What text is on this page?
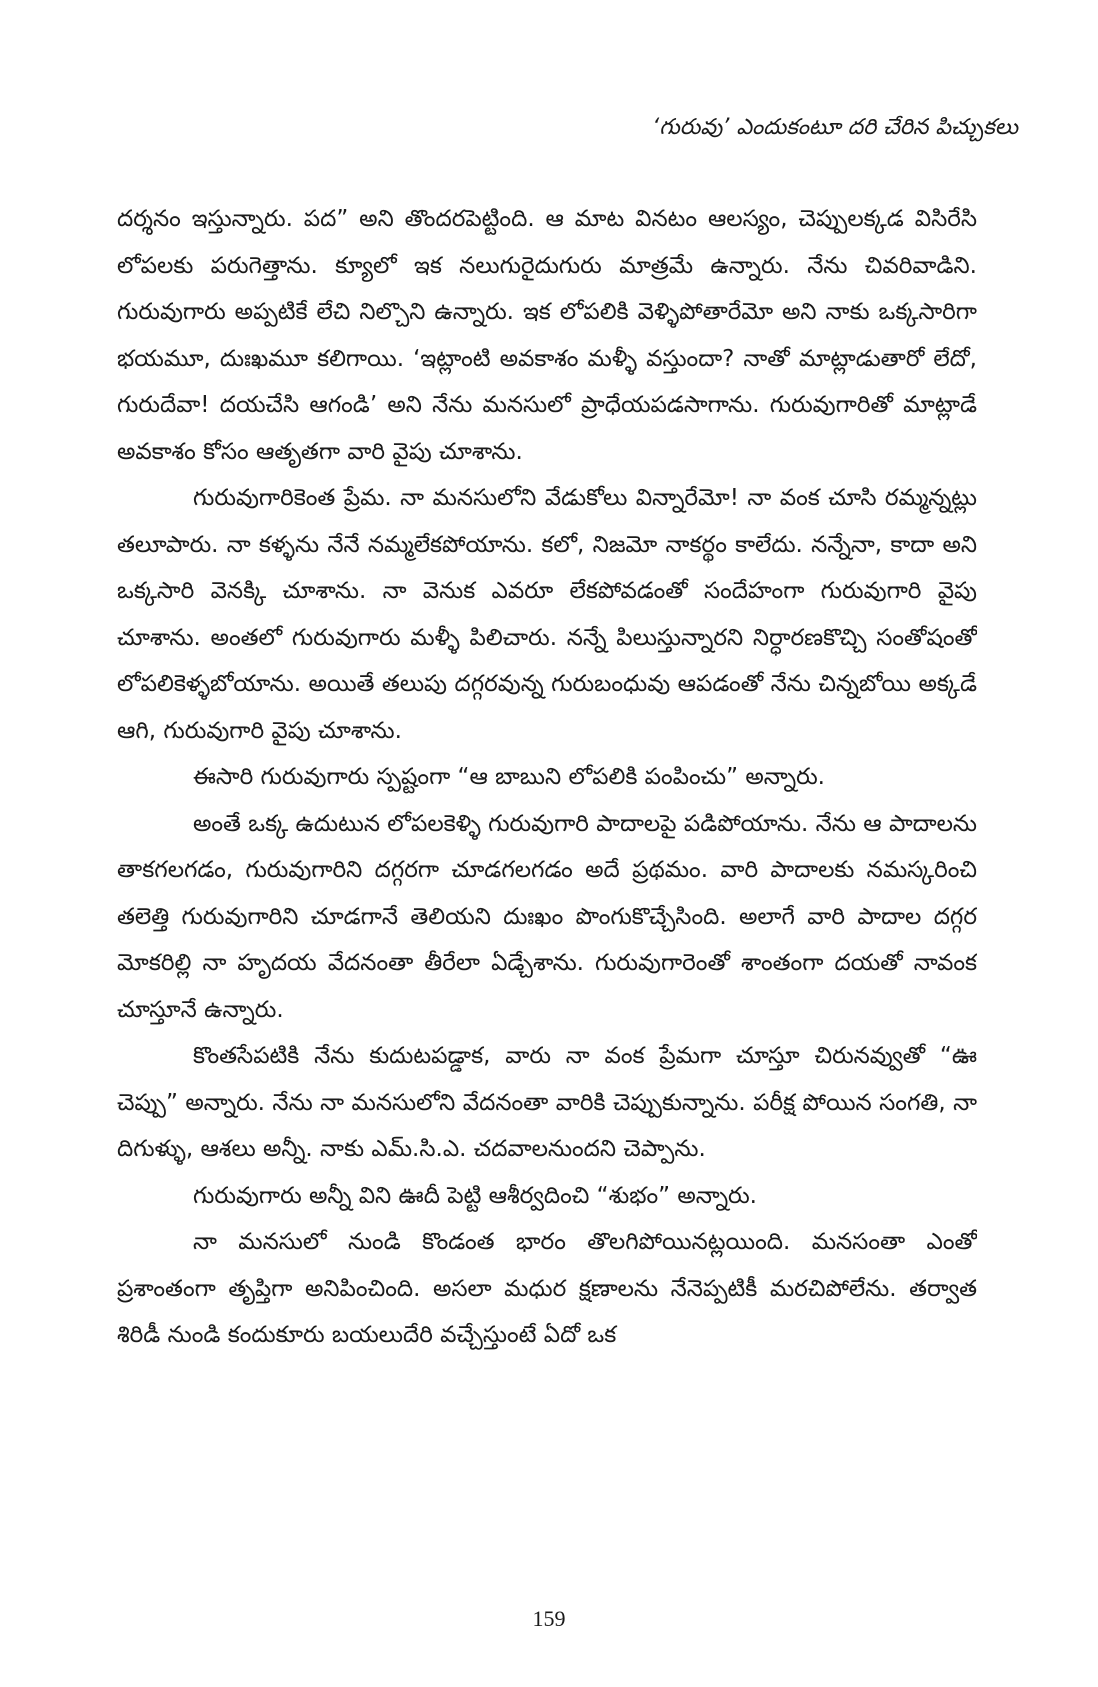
‘గురువు’ ఎందుకంటూ దరి చేరిన పిచ్చుకలు

దర్శనం ఇస్తున్నారు. పద” అని తొందరపెట్టింది. ఆ మాట వినటం ఆలస్యం, చెప్పులక్కడ విసిరేసి లోపలకు పరుగెత్తాను. క్యూలో ఇక నలుగురైదుగురు మాత్రమే ఉన్నారు. నేను చివరివాడిని. గురువుగారు అప్పటికే లేచి నిల్చొని ఉన్నారు. ఇక లోపలికి వెళ్ళిపోతారేమో అని నాకు ఒక్కసారిగా భయమూ, దుఃఖమూ కలిగాయి. ‘ఇట్లాంటి అవకాశం మళ్ళీ వస్తుందా? నాతో మాట్లాడుతారో లేదో, గురుదేవా! దయచేసి ఆగండి’ అని నేను మనసులో ప్రాధేయపడసాగాను. గురువుగారితో మాట్లాడే అవకాశం కోసం ఆతృతగా వారి వైపు చూశాను.

గురువుగారికెంత ప్రేమ. నా మనసులోని వేడుకోలు విన్నారేమో! నా వంక చూసి రమ్మన్నట్లు తలూపారు. నా కళ్ళను నేనే నమ్మలేకపోయాను. కలో, నిజమో నాకర్థం కాలేదు. నన్నేనా, కాదా అని ఒక్కసారి వెనక్కి చూశాను. నా వెనుక ఎవరూ లేకపోవడంతో సందేహంగా గురువుగారి వైపు చూశాను. అంతలో గురువుగారు మళ్ళీ పిలిచారు. నన్నే పిలుస్తున్నారని నిర్ధారణకొచ్చి సంతోషంతో లోపలికెళ్ళబోయాను. అయితే తలుపు దగ్గరవున్న గురుబంధువు ఆపడంతో నేను చిన్నబోయి అక్కడే ఆగి, గురువుగారి వైపు చూశాను.

ఈసారి గురువుగారు స్పష్టంగా “ఆ బాబుని లోపలికి పంపించు” అన్నారు.

అంతే ఒక్క ఉదుటున లోపలకెళ్ళి గురువుగారి పాదాలపై పడిపోయాను. నేను ఆ పాదాలను తాకగలగడం, గురువుగారిని దగ్గరగా చూడగలగడం అదే ప్రథమం. వారి పాదాలకు నమస్కరించి తలెత్తి గురువుగారిని చూడగానే తెలియని దుఃఖం పొంగుకొచ్చేసింది. అలాగే వారి పాదాల దగ్గర మోకరిల్లి నా హృదయ వేదనంతా తీరేలా ఏడ్చేశాను. గురువుగారెంతో శాంతంగా దయతో నావంక చూస్తూనే ఉన్నారు.

కొంతసేపటికి నేను కుదుటపడ్డాక, వారు నా వంక ప్రేమగా చూస్తూ చిరునవ్వుతో “ఊ చెప్పు” అన్నారు. నేను నా మనసులోని వేదనంతా వారికి చెప్పుకున్నాను. పరీక్ష పోయిన సంగతి, నా దిగుళ్ళు, ఆశలు అన్నీ. నాకు ఎమ్.సి.ఎ. చదవాలనుందని చెప్పాను.

గురువుగారు అన్నీ విని ఊదీ పెట్టి ఆశీర్వదించి “శుభం” అన్నారు.

నా మనసులో నుండి కొండంత భారం తొలగిపోయినట్లయింది. మనసంతా ఎంతో ప్రశాంతంగా తృప్తిగా అనిపించింది. అసలా మధుర క్షణాలను నేనెప్పటికీ మరచిపోలేను. తర్వాత శిరిడీ నుండి కందుకూరు బయలుదేరి వచ్చేస్తుంటే ఏదో ఒక

159
